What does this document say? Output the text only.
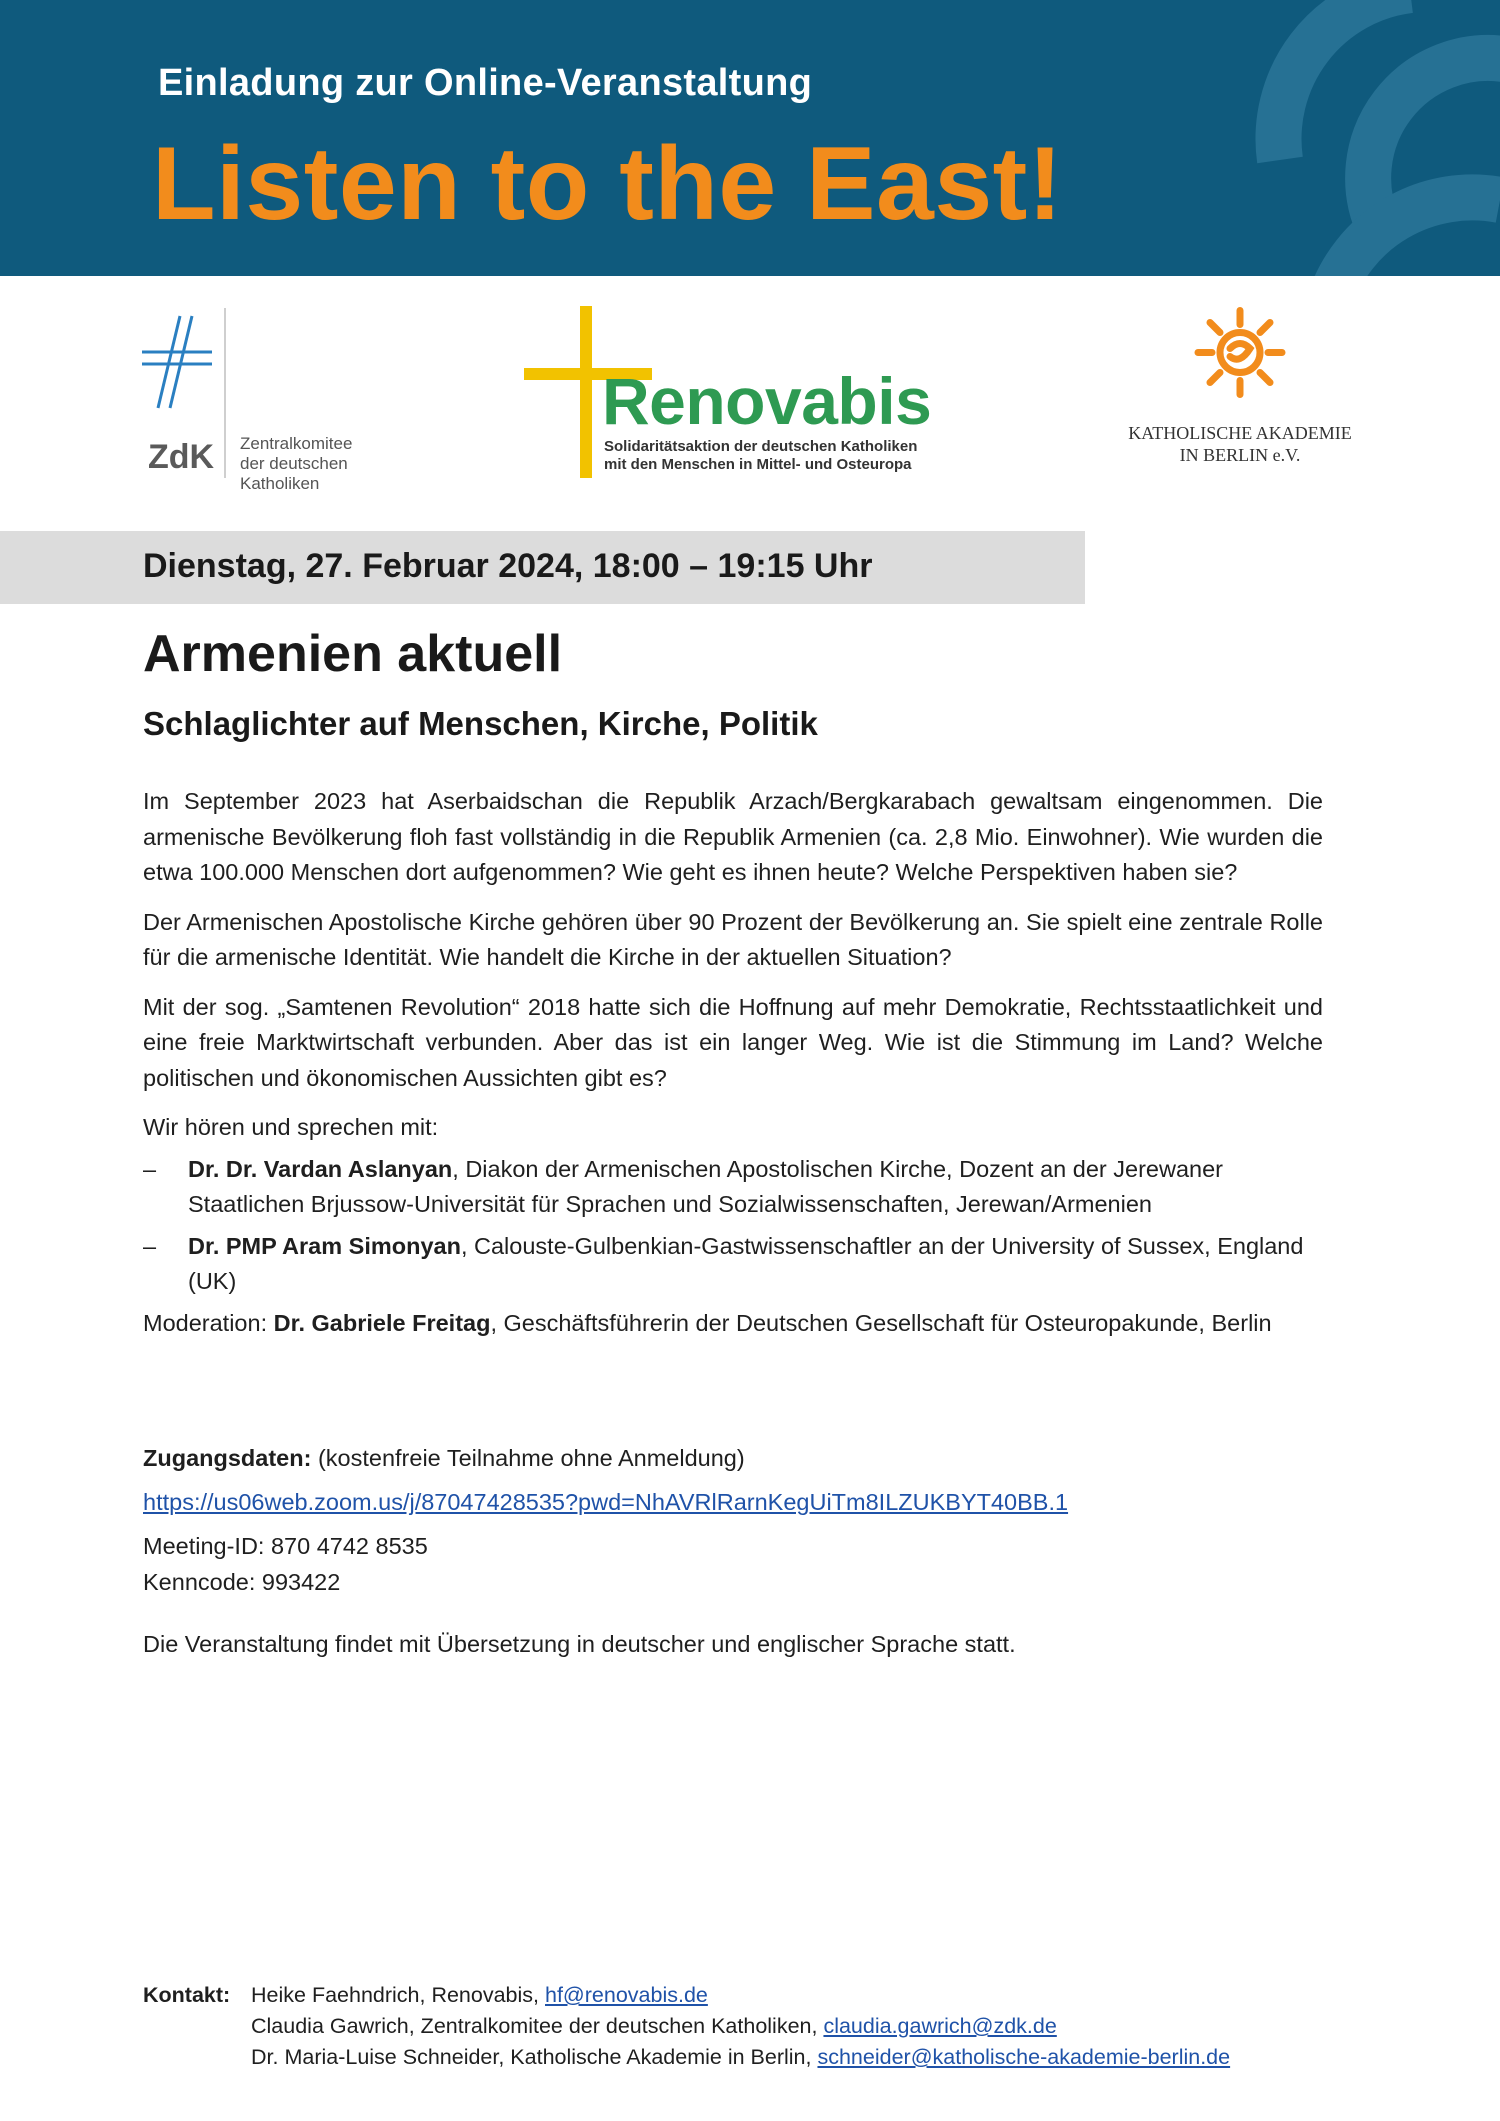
Einladung zur Online-Veranstaltung
Listen to the East!
ZdK Zentralkomitee
der deutschen Katholiken
Renovabis
Solidaritätsaktion der deutschen Katholiken
mit den Menschen in Mittel- und Osteuropa
KATHOLISCHE AKADEMIE
IN BERLIN e.V.
Dienstag, 27. Februar 2024, 18:00 – 19:15 Uhr
Armenien aktuell
Schlaglichter auf Menschen, Kirche, Politik

Im September 2023 hat Aserbaidschan die Republik Arzach/Bergkarabach gewaltsam eingenommen. Die armenische Bevölkerung floh fast vollständig in die Republik Armenien (ca. 2,8 Mio. Einwohner). Wie wurden die etwa 100.000 Menschen dort aufgenommen? Wie geht es ihnen heute? Welche Perspektiven haben sie?

Der Armenischen Apostolische Kirche gehören über 90 Prozent der Bevölkerung an. Sie spielt eine zentrale Rolle für die armenische Identität. Wie handelt die Kirche in der aktuellen Situation?

Mit der sog. „Samtenen Revolution“ 2018 hatte sich die Hoffnung auf mehr Demokratie, Rechtsstaatlichkeit und eine freie Marktwirtschaft verbunden. Aber das ist ein langer Weg. Wie ist die Stimmung im Land? Welche politischen und ökonomischen Aussichten gibt es?

Wir hören und sprechen mit:

– Dr. Dr. Vardan Aslanyan, Diakon der Armenischen Apostolischen Kirche, Dozent an der Jerewaner Staatlichen Brjussow-Universität für Sprachen und Sozialwissenschaften, Jerewan/Armenien
– Dr. PMP Aram Simonyan, Calouste-Gulbenkian-Gastwissenschaftler an der University of Sussex, England (UK)

Moderation: Dr. Gabriele Freitag, Geschäftsführerin der Deutschen Gesellschaft für Osteuropakunde, Berlin

Zugangsdaten: (kostenfreie Teilnahme ohne Anmeldung)
https://us06web.zoom.us/j/87047428535?pwd=NhAVRlRarnKegUiTm8ILZUKBYT40BB.1
Meeting-ID: 870 4742 8535
Kenncode: 993422
Die Veranstaltung findet mit Übersetzung in deutscher und englischer Sprache statt.
Kontakt: Heike Faehndrich, Renovabis, hf@renovabis.de
Claudia Gawrich, Zentralkomitee der deutschen Katholiken, claudia.gawrich@zdk.de
Dr. Maria-Luise Schneider, Katholische Akademie in Berlin, schneider@katholische-akademie-berlin.de
